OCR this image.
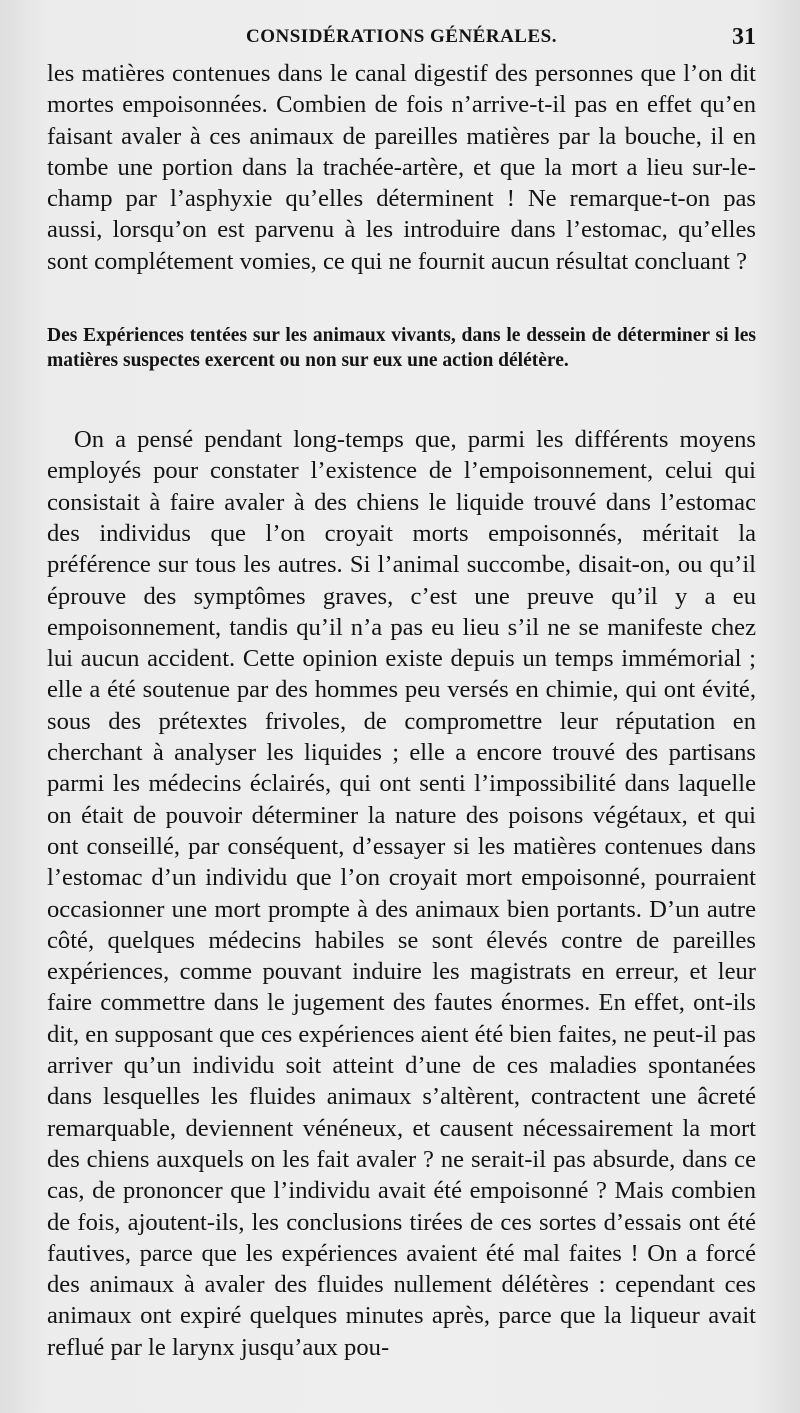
CONSIDÉRATIONS GÉNÉRALES.	31

les matières contenues dans le canal digestif des personnes que l’on dit mortes empoisonnées. Combien de fois n’arrive-t-il pas en effet qu’en faisant avaler à ces animaux de pareilles matières par la bouche, il en tombe une portion dans la trachée-artère, et que la mort a lieu sur-le-champ par l’asphyxie qu’elles déterminent ! Ne remarque-t-on pas aussi, lorsqu’on est parvenu à les introduire dans l’estomac, qu’elles sont complétement vomies, ce qui ne fournit aucun résultat concluant ?

Des Expériences tentées sur les animaux vivants, dans le dessein de déterminer si les matières suspectes exercent ou non sur eux une action délétère.

On a pensé pendant long-temps que, parmi les différents moyens employés pour constater l’existence de l’empoisonnement, celui qui consistait à faire avaler à des chiens le liquide trouvé dans l’estomac des individus que l’on croyait morts empoisonnés, méritait la préférence sur tous les autres. Si l’animal succombe, disait-on, ou qu’il éprouve des symptômes graves, c’est une preuve qu’il y a eu empoisonnement, tandis qu’il n’a pas eu lieu s’il ne se manifeste chez lui aucun accident. Cette opinion existe depuis un temps immémorial ; elle a été soutenue par des hommes peu versés en chimie, qui ont évité, sous des prétextes frivoles, de compromettre leur réputation en cherchant à analyser les liquides ; elle a encore trouvé des partisans parmi les médecins éclairés, qui ont senti l’impossibilité dans laquelle on était de pouvoir déterminer la nature des poisons végétaux, et qui ont conseillé, par conséquent, d’essayer si les matières contenues dans l’estomac d’un individu que l’on croyait mort empoisonné, pourraient occasionner une mort prompte à des animaux bien portants. D’un autre côté, quelques médecins habiles se sont élevés contre de pareilles expériences, comme pouvant induire les magistrats en erreur, et leur faire commettre dans le jugement des fautes énormes. En effet, ont-ils dit, en supposant que ces expériences aient été bien faites, ne peut-il pas arriver qu’un individu soit atteint d’une de ces maladies spontanées dans lesquelles les fluides animaux s’altèrent, contractent une âcreté remarquable, deviennent vénéneux, et causent nécessairement la mort des chiens auxquels on les fait avaler ? ne serait-il pas absurde, dans ce cas, de prononcer que l’individu avait été empoisonné ? Mais combien de fois, ajoutent-ils, les conclusions tirées de ces sortes d’essais ont été fautives, parce que les expériences avaient été mal faites ! On a forcé des animaux à avaler des fluides nullement délétères : cependant ces animaux ont expiré quelques minutes après, parce que la liqueur avait reflué par le larynx jusqu’aux pou-
